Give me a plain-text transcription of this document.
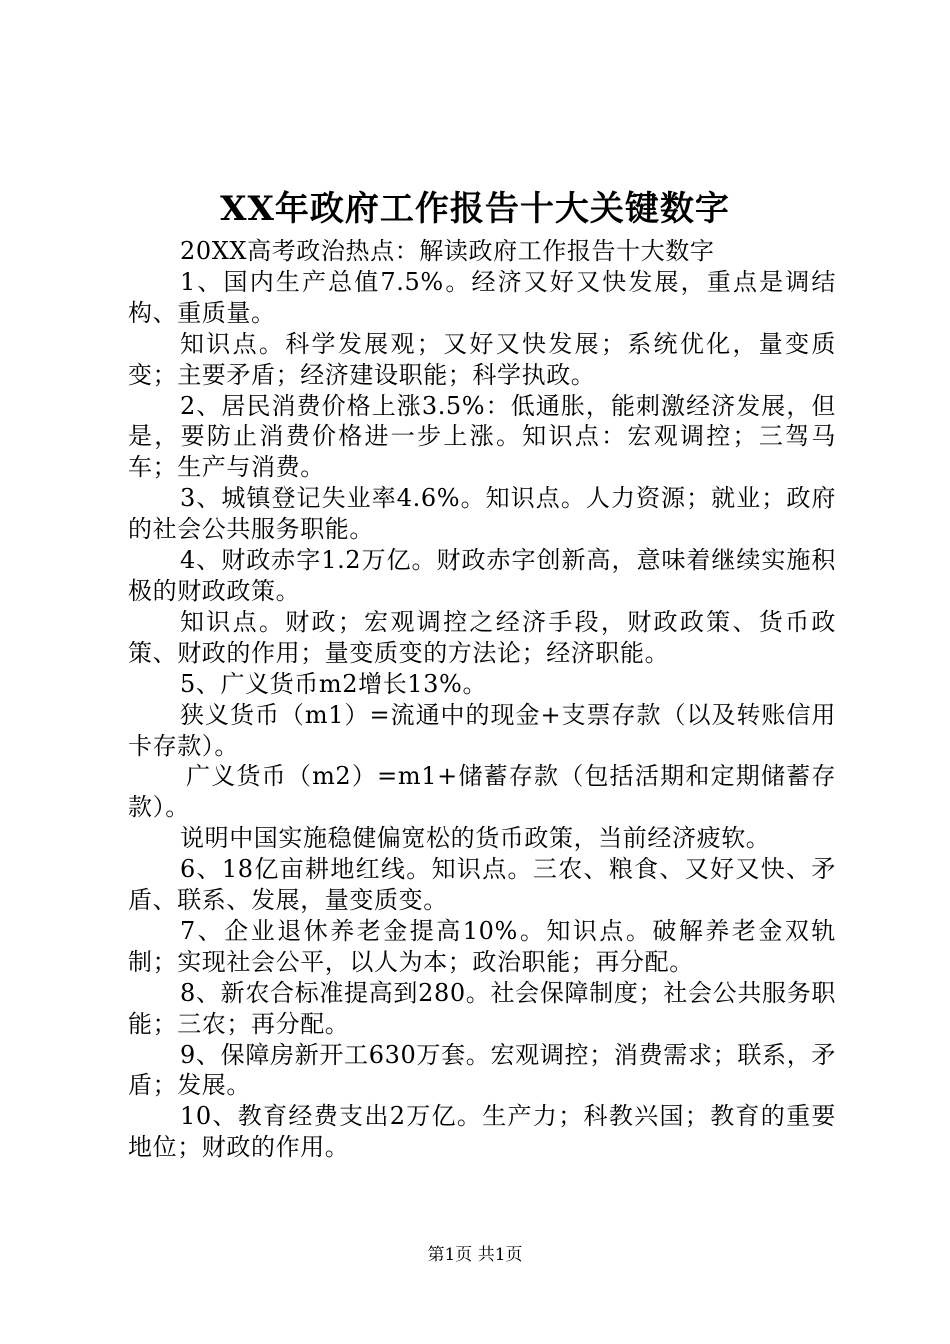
XX年政府工作报告十大关键数字

20XX高考政治热点：解读政府工作报告十大数字

1、国内生产总值7.5%。经济又好又快发展，重点是调结构、重质量。

知识点。科学发展观；又好又快发展；系统优化，量变质变；主要矛盾；经济建设职能；科学执政。

2、居民消费价格上涨3.5%：低通胀，能刺激经济发展，但是，要防止消费价格进一步上涨。知识点：宏观调控；三驾马车；生产与消费。

3、城镇登记失业率4.6%。知识点。人力资源；就业；政府的社会公共服务职能。

4、财政赤字1.2万亿。财政赤字创新高，意味着继续实施积极的财政政策。

知识点。财政；宏观调控之经济手段，财政政策、货币政策、财政的作用；量变质变的方法论；经济职能。

5、广义货币m2增长13%。

狭义货币（m1）=流通中的现金+支票存款（以及转账信用卡存款）。

广义货币（m2）=m1+储蓄存款（包括活期和定期储蓄存款）。

说明中国实施稳健偏宽松的货币政策，当前经济疲软。

6、18亿亩耕地红线。知识点。三农、粮食、又好又快、矛盾、联系、发展，量变质变。

7、企业退休养老金提高10%。知识点。破解养老金双轨制；实现社会公平，以人为本；政治职能；再分配。

8、新农合标准提高到280。社会保障制度；社会公共服务职能；三农；再分配。

9、保障房新开工630万套。宏观调控；消费需求；联系，矛盾；发展。

10、教育经费支出2万亿。生产力；科教兴国；教育的重要地位；财政的作用。

第1页 共1页
